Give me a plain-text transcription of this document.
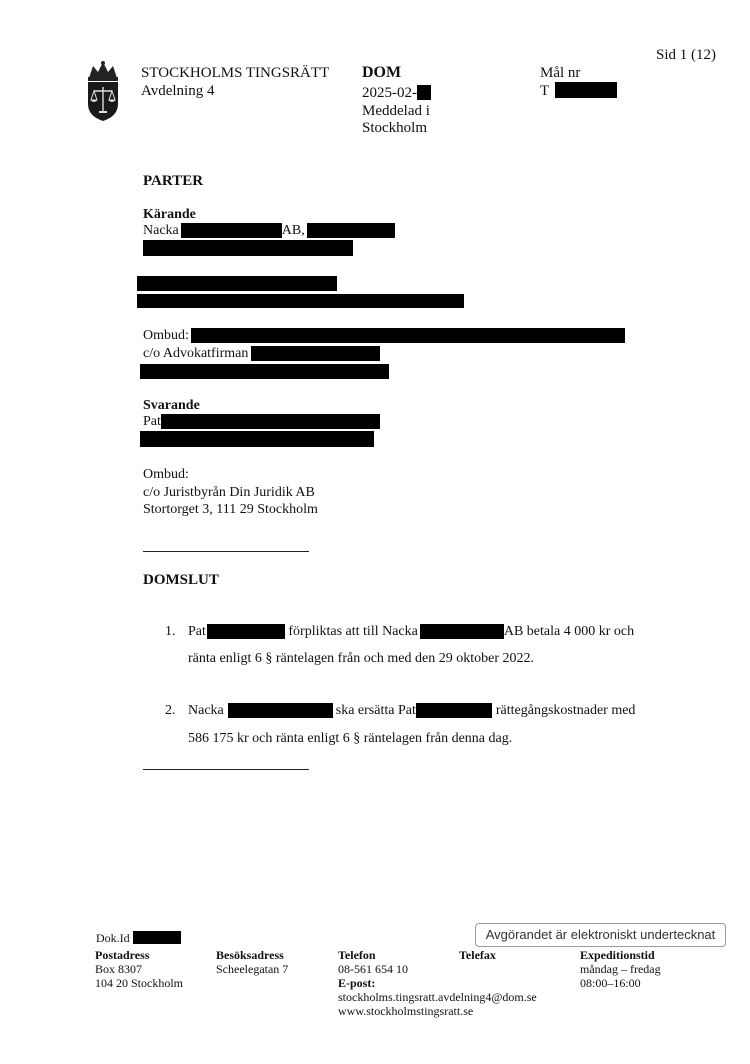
Sid 1 (12)
STOCKHOLMS TINGSRÄTT
Avdelning 4
DOM
2025-02-
Meddelad i
Stockholm
Mål nr
T
PARTER
Kärande
Nacka	AB,
Ombud:
c/o Advokatfirman
Svarande
Pat
Ombud:
c/o Juristbyrån Din Juridik AB
Stortorget 3, 111 29 Stockholm
DOMSLUT
1. Pat	förpliktas att till Nacka	AB betala 4 000 kr och
ränta enligt 6 § räntelagen från och med den 29 oktober 2022.
2. Nacka	ska ersätta Pat	rättegångskostnader med
586 175 kr och ränta enligt 6 § räntelagen från denna dag.
Avgörandet är elektroniskt undertecknat
Dok.Id
Postadress
Box 8307
104 20 Stockholm
Besöksadress
Scheelegatan 7
Telefon
08-561 654 10
E-post:
stockholms.tingsratt.avdelning4@dom.se
www.stockholmstingsratt.se
Telefax	Expeditionstid
måndag – fredag
08:00–16:00
